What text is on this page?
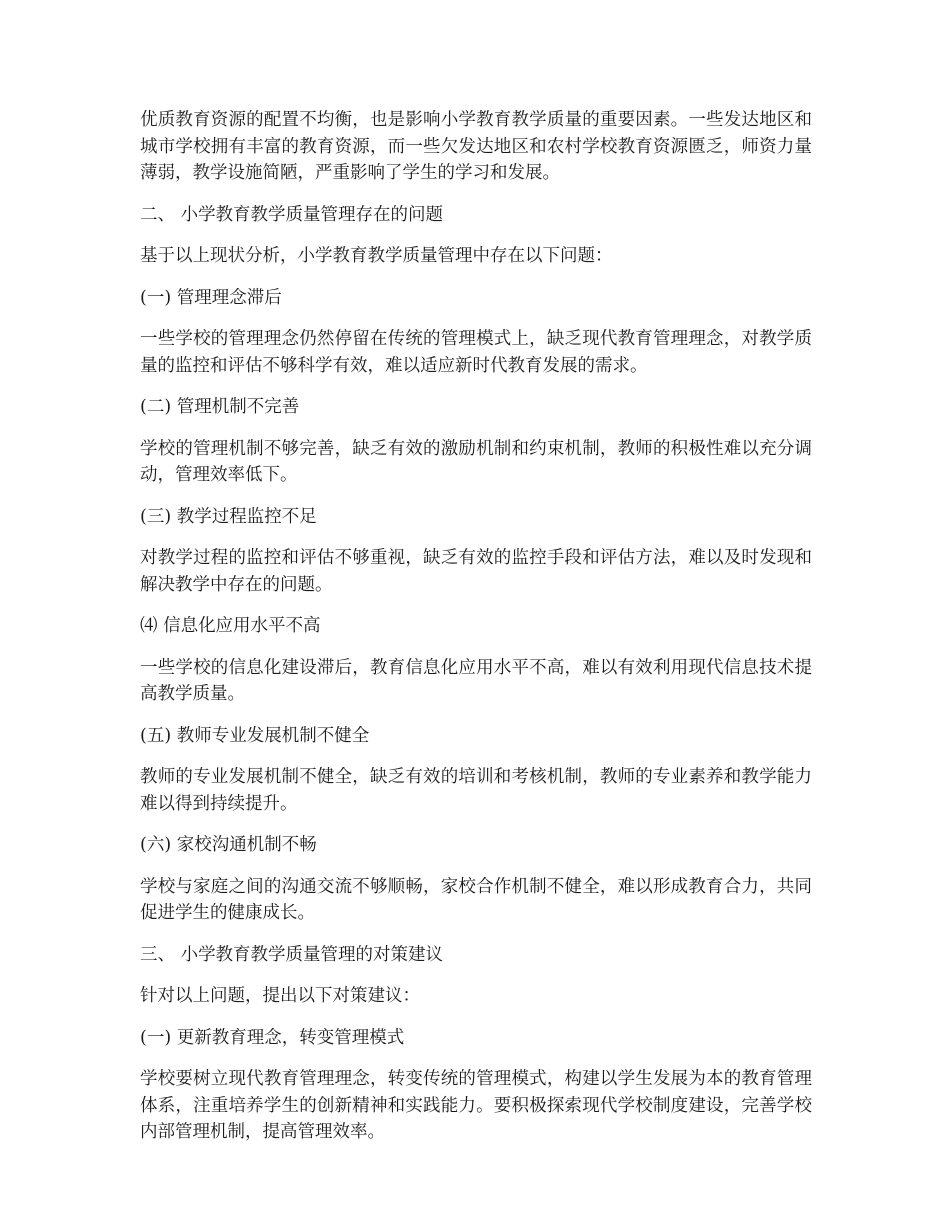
优质教育资源的配置不均衡，也是影响小学教育教学质量的重要因素。一些发达地区和城市学校拥有丰富的教育资源，而一些欠发达地区和农村学校教育资源匮乏，师资力量薄弱，教学设施简陋，严重影响了学生的学习和发展。

二、 小学教育教学质量管理存在的问题

基于以上现状分析，小学教育教学质量管理中存在以下问题：

(一) 管理理念滞后

一些学校的管理理念仍然停留在传统的管理模式上，缺乏现代教育管理理念，对教学质量的监控和评估不够科学有效，难以适应新时代教育发展的需求。

(二) 管理机制不完善

学校的管理机制不够完善，缺乏有效的激励机制和约束机制，教师的积极性难以充分调动，管理效率低下。

(三) 教学过程监控不足

对教学过程的监控和评估不够重视，缺乏有效的监控手段和评估方法，难以及时发现和解决教学中存在的问题。

⑷ 信息化应用水平不高

一些学校的信息化建设滞后，教育信息化应用水平不高，难以有效利用现代信息技术提高教学质量。

(五) 教师专业发展机制不健全

教师的专业发展机制不健全，缺乏有效的培训和考核机制，教师的专业素养和教学能力难以得到持续提升。

(六) 家校沟通机制不畅

学校与家庭之间的沟通交流不够顺畅，家校合作机制不健全，难以形成教育合力，共同促进学生的健康成长。

三、 小学教育教学质量管理的对策建议

针对以上问题，提出以下对策建议：

(一) 更新教育理念，转变管理模式

学校要树立现代教育管理理念，转变传统的管理模式，构建以学生发展为本的教育管理体系，注重培养学生的创新精神和实践能力。要积极探索现代学校制度建设，完善学校内部管理机制，提高管理效率。
